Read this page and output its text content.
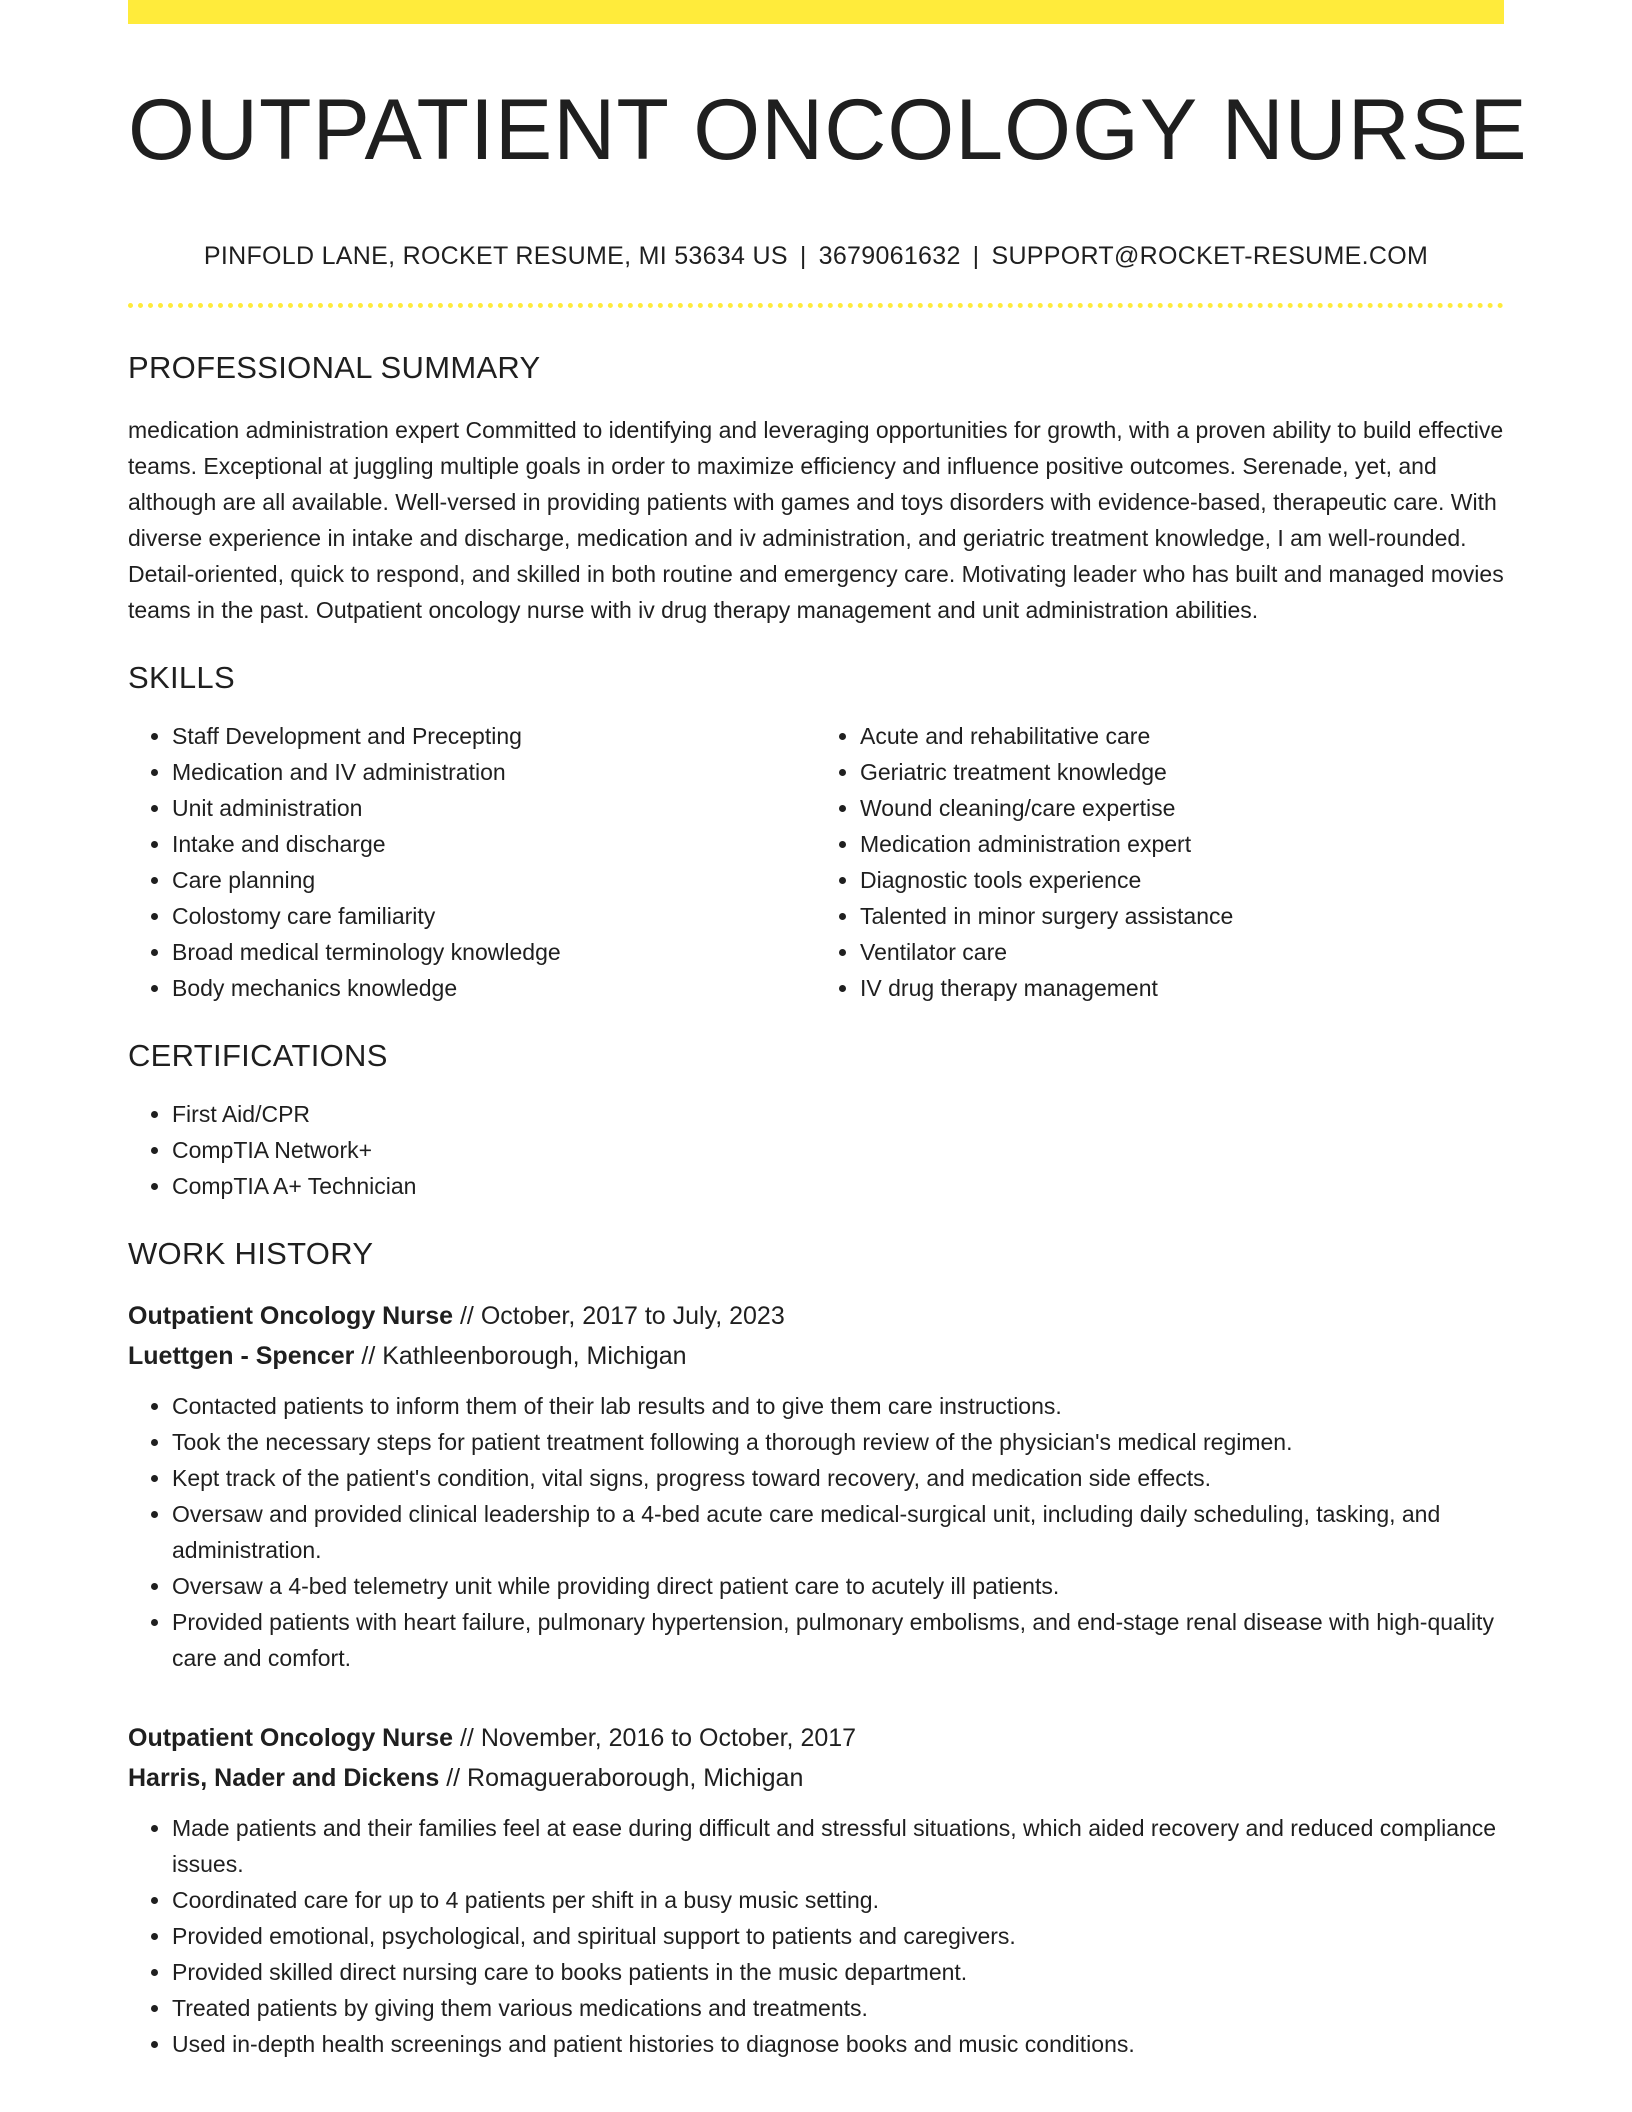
OUTPATIENT ONCOLOGY NURSE
PINFOLD LANE, ROCKET RESUME, MI 53634 US | 3679061632 | SUPPORT@ROCKET-RESUME.COM
PROFESSIONAL SUMMARY

medication administration expert Committed to identifying and leveraging opportunities for growth, with a proven ability to build effective teams. Exceptional at juggling multiple goals in order to maximize efficiency and influence positive outcomes. Serenade, yet, and although are all available. Well-versed in providing patients with games and toys disorders with evidence-based, therapeutic care. With diverse experience in intake and discharge, medication and iv administration, and geriatric treatment knowledge, I am well-rounded. Detail-oriented, quick to respond, and skilled in both routine and emergency care. Motivating leader who has built and managed movies teams in the past. Outpatient oncology nurse with iv drug therapy management and unit administration abilities.

SKILLS
• Staff Development and Precepting
• Medication and IV administration
• Unit administration
• Intake and discharge
• Care planning
• Colostomy care familiarity
• Broad medical terminology knowledge
• Body mechanics knowledge
• Acute and rehabilitative care
• Geriatric treatment knowledge
• Wound cleaning/care expertise
• Medication administration expert
• Diagnostic tools experience
• Talented in minor surgery assistance
• Ventilator care
• IV drug therapy management
CERTIFICATIONS
• First Aid/CPR
• CompTIA Network+
• CompTIA A+ Technician
WORK HISTORY
Outpatient Oncology Nurse // October, 2017 to July, 2023
Luettgen - Spencer // Kathleenborough, Michigan
• Contacted patients to inform them of their lab results and to give them care instructions.
• Took the necessary steps for patient treatment following a thorough review of the physician's medical regimen.
• Kept track of the patient's condition, vital signs, progress toward recovery, and medication side effects.
• Oversaw and provided clinical leadership to a 4-bed acute care medical-surgical unit, including daily scheduling, tasking, and administration.
• Oversaw a 4-bed telemetry unit while providing direct patient care to acutely ill patients.
• Provided patients with heart failure, pulmonary hypertension, pulmonary embolisms, and end-stage renal disease with high-quality care and comfort.
Outpatient Oncology Nurse // November, 2016 to October, 2017
Harris, Nader and Dickens // Romagueraborough, Michigan
• Made patients and their families feel at ease during difficult and stressful situations, which aided recovery and reduced compliance issues.
• Coordinated care for up to 4 patients per shift in a busy music setting.
• Provided emotional, psychological, and spiritual support to patients and caregivers.
• Provided skilled direct nursing care to books patients in the music department.
• Treated patients by giving them various medications and treatments.
• Used in-depth health screenings and patient histories to diagnose books and music conditions.
